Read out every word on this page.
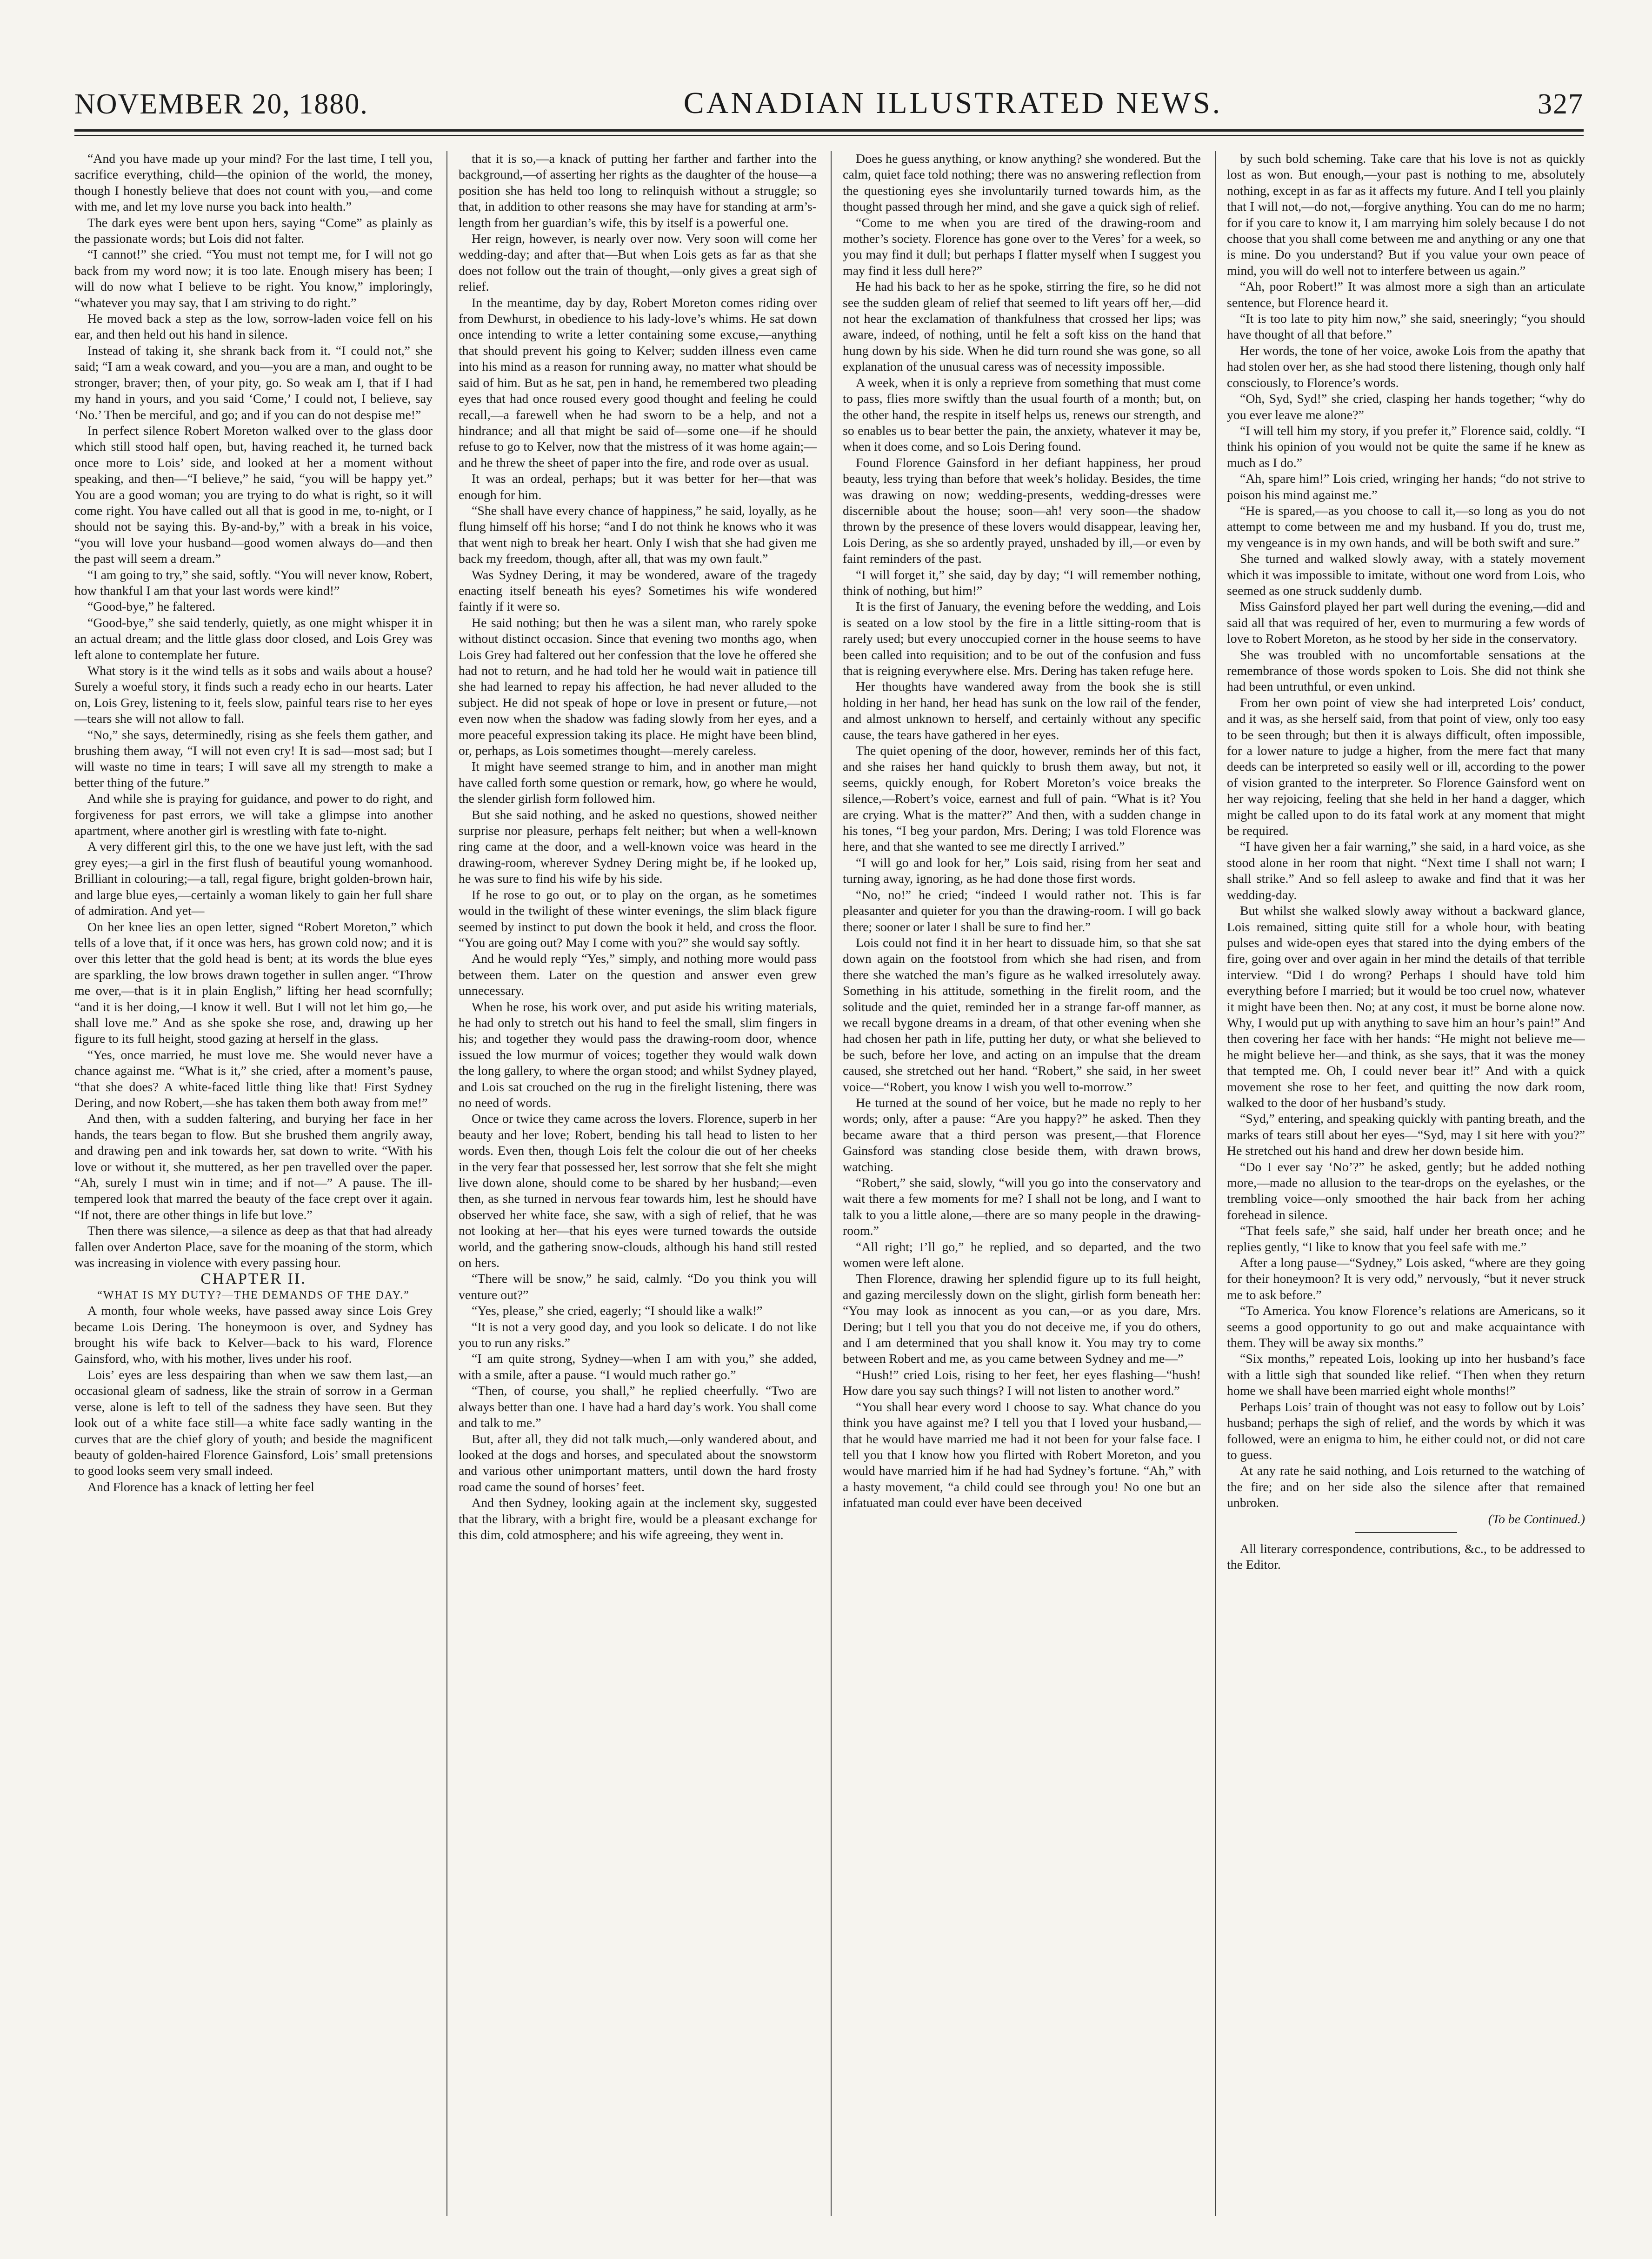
NOVEMBER 20, 1880.	CANADIAN ILLUSTRATED NEWS.	327

“And you have made up your mind? For the last time, I tell you, sacrifice everything, child—the opinion of the world, the money, though I honestly believe that does not count with you,—and come with me, and let my love nurse you back into health.”

The dark eyes were bent upon hers, saying “Come” as plainly as the passionate words; but Lois did not falter.

“I cannot!” she cried. “You must not tempt me, for I will not go back from my word now; it is too late. Enough misery has been; I will do now what I believe to be right. You know,” imploringly, “whatever you may say, that I am striving to do right.”

He moved back a step as the low, sorrow-laden voice fell on his ear, and then held out his hand in silence.

Instead of taking it, she shrank back from it. “I could not,” she said; “I am a weak coward, and you—you are a man, and ought to be stronger, braver; then, of your pity, go. So weak am I, that if I had my hand in yours, and you said ‘Come,’ I could not, I believe, say ‘No.’ Then be merciful, and go; and if you can do not despise me!”

In perfect silence Robert Moreton walked over to the glass door which still stood half open, but, having reached it, he turned back once more to Lois’ side, and looked at her a moment without speaking, and then—“I believe,” he said, “you will be happy yet.” You are a good woman; you are trying to do what is right, so it will come right. You have called out all that is good in me, to-night, or I should not be saying this. By-and-by,” with a break in his voice, “you will love your husband—good women always do—and then the past will seem a dream.”

“I am going to try,” she said, softly. “You will never know, Robert, how thankful I am that your last words were kind!”

“Good-bye,” he faltered.

“Good-bye,” she said tenderly, quietly, as one might whisper it in an actual dream; and the little glass door closed, and Lois Grey was left alone to contemplate her future.

What story is it the wind tells as it sobs and wails about a house? Surely a woeful story, it finds such a ready echo in our hearts. Later on, Lois Grey, listening to it, feels slow, painful tears rise to her eyes—tears she will not allow to fall.

“No,” she says, determinedly, rising as she feels them gather, and brushing them away, “I will not even cry! It is sad—most sad; but I will waste no time in tears; I will save all my strength to make a better thing of the future.”

And while she is praying for guidance, and power to do right, and forgiveness for past errors, we will take a glimpse into another apartment, where another girl is wrestling with fate to-night.

A very different girl this, to the one we have just left, with the sad grey eyes;—a girl in the first flush of beautiful young womanhood. Brilliant in colouring;—a tall, regal figure, bright golden-brown hair, and large blue eyes,—certainly a woman likely to gain her full share of admiration. And yet—

On her knee lies an open letter, signed “Robert Moreton,” which tells of a love that, if it once was hers, has grown cold now; and it is over this letter that the gold head is bent; at its words the blue eyes are sparkling, the low brows drawn together in sullen anger. “Throw me over,—that is it in plain English,” lifting her head scornfully; “and it is her doing,—I know it well. But I will not let him go,—he shall love me.” And as she spoke she rose, and, drawing up her figure to its full height, stood gazing at herself in the glass.

“Yes, once married, he must love me. She would never have a chance against me. “What is it,” she cried, after a moment’s pause, “that she does? A white-faced little thing like that! First Sydney Dering, and now Robert,—she has taken them both away from me!”

And then, with a sudden faltering, and burying her face in her hands, the tears began to flow. But she brushed them angrily away, and drawing pen and ink towards her, sat down to write. “With his love or without it, she muttered, as her pen travelled over the paper. “Ah, surely I must win in time; and if not—” A pause. The ill-tempered look that marred the beauty of the face crept over it again. “If not, there are other things in life but love.”

Then there was silence,—a silence as deep as that that had already fallen over Anderton Place, save for the moaning of the storm, which was increasing in violence with every passing hour.

CHAPTER II.

“WHAT IS MY DUTY?—THE DEMANDS OF THE DAY.”

A month, four whole weeks, have passed away since Lois Grey became Lois Dering. The honeymoon is over, and Sydney has brought his wife back to Kelver—back to his ward, Florence Gainsford, who, with his mother, lives under his roof.

Lois’ eyes are less despairing than when we saw them last,—an occasional gleam of sadness, like the strain of sorrow in a German verse, alone is left to tell of the sadness they have seen. But they look out of a white face still—a white face sadly wanting in the curves that are the chief glory of youth; and beside the magnificent beauty of golden-haired Florence Gainsford, Lois’ small pretensions to good looks seem very small indeed.

And Florence has a knack of letting her feel

that it is so,—a knack of putting her farther and farther into the background,—of asserting her rights as the daughter of the house—a position she has held too long to relinquish without a struggle; so that, in addition to other reasons she may have for standing at arm’s-length from her guardian’s wife, this by itself is a powerful one.

Her reign, however, is nearly over now. Very soon will come her wedding-day; and after that—But when Lois gets as far as that she does not follow out the train of thought,—only gives a great sigh of relief.

In the meantime, day by day, Robert Moreton comes riding over from Dewhurst, in obedience to his lady-love’s whims. He sat down once intending to write a letter containing some excuse,—anything that should prevent his going to Kelver; sudden illness even came into his mind as a reason for running away, no matter what should be said of him. But as he sat, pen in hand, he remembered two pleading eyes that had once roused every good thought and feeling he could recall,—a farewell when he had sworn to be a help, and not a hindrance; and all that might be said of—some one—if he should refuse to go to Kelver, now that the mistress of it was home again;—and he threw the sheet of paper into the fire, and rode over as usual.

It was an ordeal, perhaps; but it was better for her—that was enough for him.

“She shall have every chance of happiness,” he said, loyally, as he flung himself off his horse; “and I do not think he knows who it was that went nigh to break her heart. Only I wish that she had given me back my freedom, though, after all, that was my own fault.”

Was Sydney Dering, it may be wondered, aware of the tragedy enacting itself beneath his eyes? Sometimes his wife wondered faintly if it were so.

He said nothing; but then he was a silent man, who rarely spoke without distinct occasion. Since that evening two months ago, when Lois Grey had faltered out her confession that the love he offered she had not to return, and he had told her he would wait in patience till she had learned to repay his affection, he had never alluded to the subject. He did not speak of hope or love in present or future,—not even now when the shadow was fading slowly from her eyes, and a more peaceful expression taking its place. He might have been blind, or, perhaps, as Lois sometimes thought—merely careless.

It might have seemed strange to him, and in another man might have called forth some question or remark, how, go where he would, the slender girlish form followed him.

But she said nothing, and he asked no questions, showed neither surprise nor pleasure, perhaps felt neither; but when a well-known ring came at the door, and a well-known voice was heard in the drawing-room, wherever Sydney Dering might be, if he looked up, he was sure to find his wife by his side.

If he rose to go out, or to play on the organ, as he sometimes would in the twilight of these winter evenings, the slim black figure seemed by instinct to put down the book it held, and cross the floor. “You are going out? May I come with you?” she would say softly.

And he would reply “Yes,” simply, and nothing more would pass between them. Later on the question and answer even grew unnecessary.

When he rose, his work over, and put aside his writing materials, he had only to stretch out his hand to feel the small, slim fingers in his; and together they would pass the drawing-room door, whence issued the low murmur of voices; together they would walk down the long gallery, to where the organ stood; and whilst Sydney played, and Lois sat crouched on the rug in the firelight listening, there was no need of words.

Once or twice they came across the lovers. Florence, superb in her beauty and her love; Robert, bending his tall head to listen to her words. Even then, though Lois felt the colour die out of her cheeks in the very fear that possessed her, lest sorrow that she felt she might live down alone, should come to be shared by her husband;—even then, as she turned in nervous fear towards him, lest he should have observed her white face, she saw, with a sigh of relief, that he was not looking at her—that his eyes were turned towards the outside world, and the gathering snow-clouds, although his hand still rested on hers.

“There will be snow,” he said, calmly. “Do you think you will venture out?”

“Yes, please,” she cried, eagerly; “I should like a walk!”

“It is not a very good day, and you look so delicate. I do not like you to run any risks.”

“I am quite strong, Sydney—when I am with you,” she added, with a smile, after a pause. “I would much rather go.”

“Then, of course, you shall,” he replied cheerfully. “Two are always better than one. I have had a hard day’s work. You shall come and talk to me.”

But, after all, they did not talk much,—only wandered about, and looked at the dogs and horses, and speculated about the snowstorm and various other unimportant matters, until down the hard frosty road came the sound of horses’ feet.

And then Sydney, looking again at the inclement sky, suggested that the library, with a bright fire, would be a pleasant exchange for this dim, cold atmosphere; and his wife agreeing, they went in.

Does he guess anything, or know anything? she wondered. But the calm, quiet face told nothing; there was no answering reflection from the questioning eyes she involuntarily turned towards him, as the thought passed through her mind, and she gave a quick sigh of relief.

“Come to me when you are tired of the drawing-room and mother’s society. Florence has gone over to the Veres’ for a week, so you may find it dull; but perhaps I flatter myself when I suggest you may find it less dull here?”

He had his back to her as he spoke, stirring the fire, so he did not see the sudden gleam of relief that seemed to lift years off her,—did not hear the exclamation of thankfulness that crossed her lips; was aware, indeed, of nothing, until he felt a soft kiss on the hand that hung down by his side. When he did turn round she was gone, so all explanation of the unusual caress was of necessity impossible.

A week, when it is only a reprieve from something that must come to pass, flies more swiftly than the usual fourth of a month; but, on the other hand, the respite in itself helps us, renews our strength, and so enables us to bear better the pain, the anxiety, whatever it may be, when it does come, and so Lois Dering found.

Found Florence Gainsford in her defiant happiness, her proud beauty, less trying than before that week’s holiday. Besides, the time was drawing on now; wedding-presents, wedding-dresses were discernible about the house; soon—ah! very soon—the shadow thrown by the presence of these lovers would disappear, leaving her, Lois Dering, as she so ardently prayed, unshaded by ill,—or even by faint reminders of the past.

“I will forget it,” she said, day by day; “I will remember nothing, think of nothing, but him!”

It is the first of January, the evening before the wedding, and Lois is seated on a low stool by the fire in a little sitting-room that is rarely used; but every unoccupied corner in the house seems to have been called into requisition; and to be out of the confusion and fuss that is reigning everywhere else. Mrs. Dering has taken refuge here.

Her thoughts have wandered away from the book she is still holding in her hand, her head has sunk on the low rail of the fender, and almost unknown to herself, and certainly without any specific cause, the tears have gathered in her eyes.

The quiet opening of the door, however, reminds her of this fact, and she raises her hand quickly to brush them away, but not, it seems, quickly enough, for Robert Moreton’s voice breaks the silence,—Robert’s voice, earnest and full of pain. “What is it? You are crying. What is the matter?” And then, with a sudden change in his tones, “I beg your pardon, Mrs. Dering; I was told Florence was here, and that she wanted to see me directly I arrived.”

“I will go and look for her,” Lois said, rising from her seat and turning away, ignoring, as he had done those first words.

“No, no!” he cried; “indeed I would rather not. This is far pleasanter and quieter for you than the drawing-room. I will go back there; sooner or later I shall be sure to find her.”

Lois could not find it in her heart to dissuade him, so that she sat down again on the footstool from which she had risen, and from there she watched the man’s figure as he walked irresolutely away. Something in his attitude, something in the firelit room, and the solitude and the quiet, reminded her in a strange far-off manner, as we recall bygone dreams in a dream, of that other evening when she had chosen her path in life, putting her duty, or what she believed to be such, before her love, and acting on an impulse that the dream caused, she stretched out her hand. “Robert,” she said, in her sweet voice—“Robert, you know I wish you well to-morrow.”

He turned at the sound of her voice, but he made no reply to her words; only, after a pause: “Are you happy?” he asked. Then they became aware that a third person was present,—that Florence Gainsford was standing close beside them, with drawn brows, watching.

“Robert,” she said, slowly, “will you go into the conservatory and wait there a few moments for me? I shall not be long, and I want to talk to you a little alone,—there are so many people in the drawing-room.”

“All right; I’ll go,” he replied, and so departed, and the two women were left alone.

Then Florence, drawing her splendid figure up to its full height, and gazing mercilessly down on the slight, girlish form beneath her: “You may look as innocent as you can,—or as you dare, Mrs. Dering; but I tell you that you do not deceive me, if you do others, and I am determined that you shall know it. You may try to come between Robert and me, as you came between Sydney and me—”

“Hush!” cried Lois, rising to her feet, her eyes flashing—“hush! How dare you say such things? I will not listen to another word.”

“You shall hear every word I choose to say. What chance do you think you have against me? I tell you that I loved your husband,—that he would have married me had it not been for your false face. I tell you that I know how you flirted with Robert Moreton, and you would have married him if he had had Sydney’s fortune. “Ah,” with a hasty movement, “a child could see through you! No one but an infatuated man could ever have been deceived

by such bold scheming. Take care that his love is not as quickly lost as won. But enough,—your past is nothing to me, absolutely nothing, except in as far as it affects my future. And I tell you plainly that I will not,—do not,—forgive anything. You can do me no harm; for if you care to know it, I am marrying him solely because I do not choose that you shall come between me and anything or any one that is mine. Do you understand? But if you value your own peace of mind, you will do well not to interfere between us again.”

“Ah, poor Robert!” It was almost more a sigh than an articulate sentence, but Florence heard it.

“It is too late to pity him now,” she said, sneeringly; “you should have thought of all that before.”

Her words, the tone of her voice, awoke Lois from the apathy that had stolen over her, as she had stood there listening, though only half consciously, to Florence’s words.

“Oh, Syd, Syd!” she cried, clasping her hands together; “why do you ever leave me alone?”

“I will tell him my story, if you prefer it,” Florence said, coldly. “I think his opinion of you would not be quite the same if he knew as much as I do.”

“Ah, spare him!” Lois cried, wringing her hands; “do not strive to poison his mind against me.”

“He is spared,—as you choose to call it,—so long as you do not attempt to come between me and my husband. If you do, trust me, my vengeance is in my own hands, and will be both swift and sure.”

She turned and walked slowly away, with a stately movement which it was impossible to imitate, without one word from Lois, who seemed as one struck suddenly dumb.

Miss Gainsford played her part well during the evening,—did and said all that was required of her, even to murmuring a few words of love to Robert Moreton, as he stood by her side in the conservatory.

She was troubled with no uncomfortable sensations at the remembrance of those words spoken to Lois. She did not think she had been untruthful, or even unkind.

From her own point of view she had interpreted Lois’ conduct, and it was, as she herself said, from that point of view, only too easy to be seen through; but then it is always difficult, often impossible, for a lower nature to judge a higher, from the mere fact that many deeds can be interpreted so easily well or ill, according to the power of vision granted to the interpreter. So Florence Gainsford went on her way rejoicing, feeling that she held in her hand a dagger, which might be called upon to do its fatal work at any moment that might be required.

“I have given her a fair warning,” she said, in a hard voice, as she stood alone in her room that night. “Next time I shall not warn; I shall strike.” And so fell asleep to awake and find that it was her wedding-day.

But whilst she walked slowly away without a backward glance, Lois remained, sitting quite still for a whole hour, with beating pulses and wide-open eyes that stared into the dying embers of the fire, going over and over again in her mind the details of that terrible interview. “Did I do wrong? Perhaps I should have told him everything before I married; but it would be too cruel now, whatever it might have been then. No; at any cost, it must be borne alone now. Why, I would put up with anything to save him an hour’s pain!” And then covering her face with her hands: “He might not believe me—he might believe her—and think, as she says, that it was the money that tempted me. Oh, I could never bear it!” And with a quick movement she rose to her feet, and quitting the now dark room, walked to the door of her husband’s study.

“Syd,” entering, and speaking quickly with panting breath, and the marks of tears still about her eyes—“Syd, may I sit here with you?” He stretched out his hand and drew her down beside him.

“Do I ever say ‘No’?” he asked, gently; but he added nothing more,—made no allusion to the tear-drops on the eyelashes, or the trembling voice—only smoothed the hair back from her aching forehead in silence.

“That feels safe,” she said, half under her breath once; and he replies gently, “I like to know that you feel safe with me.”

After a long pause—“Sydney,” Lois asked, “where are they going for their honeymoon? It is very odd,” nervously, “but it never struck me to ask before.”

“To America. You know Florence’s relations are Americans, so it seems a good opportunity to go out and make acquaintance with them. They will be away six months.”

“Six months,” repeated Lois, looking up into her husband’s face with a little sigh that sounded like relief. “Then when they return home we shall have been married eight whole months!”

Perhaps Lois’ train of thought was not easy to follow out by Lois’ husband; perhaps the sigh of relief, and the words by which it was followed, were an enigma to him, he either could not, or did not care to guess.

At any rate he said nothing, and Lois returned to the watching of the fire; and on her side also the silence after that remained unbroken.

(To be Continued.)

All literary correspondence, contributions, &c., to be addressed to the Editor.
